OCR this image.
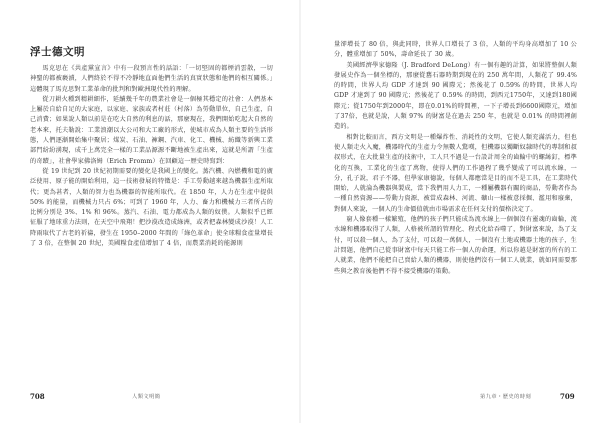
浮士德文明

馬克思在《共產黨宣言》中有一段預言性的話語：「一切堅固的都煙消雲散，一切神聖的都被褻瀆，人們終於不得不冷靜地直面他們生活的真實狀態和他們的相互關係。」這體現了馬克思對工業革命的批判和對歐洲現代性的理解。

從刀耕火種到精耕細作，延續幾千年的農業社會是一個極其穩定的社會：人們基本上屬於自給自足的大家庭，以家庭、家族或者村莊（村落）為勞動單位，自己生產，自己消費；如果說人類以前是在吃大自然的利息的話，那麼現在，我們開始吃起大自然的老本來，托夫勒說：工業浪潮以大公司和大工廠的形式，使城市成為人類主要的生活形態，人們逐漸開始集中聚居；煤炭、石油、褲鋼、汽車、化工、機械、紡織等新興工業部門紛紛湧現，成千上萬完全一樣的工業品源源不斷地被生產出來，這就是所謂「生產的奇蹟」，社會學家佛洛姆（Erich Fromm）在回顧這一歷史時寫到：

從 19 世紀到 20 世紀初期需要的變化是我國上的變化。蒸汽機、內燃機和電的廣泛使用、原子能的開始利用，這一技術發展的特徵是：手工勞動越來越為機器生產所取代；更為甚者，人類的智力也為機器的智能所取代。在 1850 年，人力在生產中提供 50% 的能量，而機械力只占 6%；可到了 1960 年，人力、畜力和機械力三者所占的比例分別是 3%、1% 和 96%。蒸汽、石油、電力都成為人類的奴僕。人類似乎已經征服了地球重力法則，在天空中飛翔！把沙漠改造成綠洲，或者把森林變成沙漠！人工降雨取代了古老的祈禱，發生在 1950–2000 年間的「綠色革命」使全球糧食產量增長了 3 倍，在整個 20 世紀，美國糧食產值增加了 4 倍，而農業消耗的能源則

708	人類文明簡

量卻增長了 80 倍，與此同時，世界人口增長了 3 倍，人類的平均身高增加了 10 公分，體重增加了 50%，壽命延長了 30 歲。

美國經濟學家德隆（J. Bradford DeLong）有一個有趣的計算，如果將整個人類發展史作為一個坐標的，那麼從舊石器時期到現在的 250 萬年間，人類花了 99.4% 的時間，世界人均 GDP 才達到 90 國際元；然後花了 0.59% 的時間，世界人均 GDP 才達到了 90 國際元；然後花了 0.59% 的時間，到西元1750年，又達到180國際元；從1750年到2000年，即在0.01%的時間裡，一下子增長到6600國際元，增加了37倍，也就是說，人類 97% 的財富是在過去 250 年，也就是 0.01% 的時間裡創造的。

相對比較而言，西方文明是一種爆炸性、消耗性的文明，它使人類充滿活力，但也使人類走火入魔，機器時代的生產力令無數人驚嘆，但機器以獨斷奴隸時代的專制和叔叔形式，在大批量生產的技術中，工人只不過是一台設計周全的齒輪中的螺絲釘，標準化的互換，工業化的生產了萬物，使得人們的工作過程了幾乎變成了可以流水線，一分，孔子說，君子不器，但學家康德說，每個人都應當是目的而不是工具，在工業時代開始，人就淪為機器與製成，當下我們用人力工，一種屬機器有關的商品，勞動者作為一種自然資源——勞動力資源，被當成森林、河流、礦山一樣被意採掘、濫用和廢棄，對個人來說，一個人的生命價值就由市場需求在任何支付的價格決定了。

窮人像套種一樣繁殖，他們的孩子們只能成為流水線上一個個沒有靈魂的齒輪，流水線和機器取得了人類，人格被所謂的管理化、程式化給吞噬了，對財富來說，為了支付，可以殺一個人，為了支付，可以殺一萬個人，一個沒有土地或機器土地的孩子，生計問題，他們自己從事財富中每天只能工作一個人的命運，所以你越是財富的所有的工人就業，他們不能把自己賣給人類的機器，則使他們沒有一個工人就業，就如同需要那些與之教育後他們不得不接受機器的策動。

第九章・歷史的時刻	709
